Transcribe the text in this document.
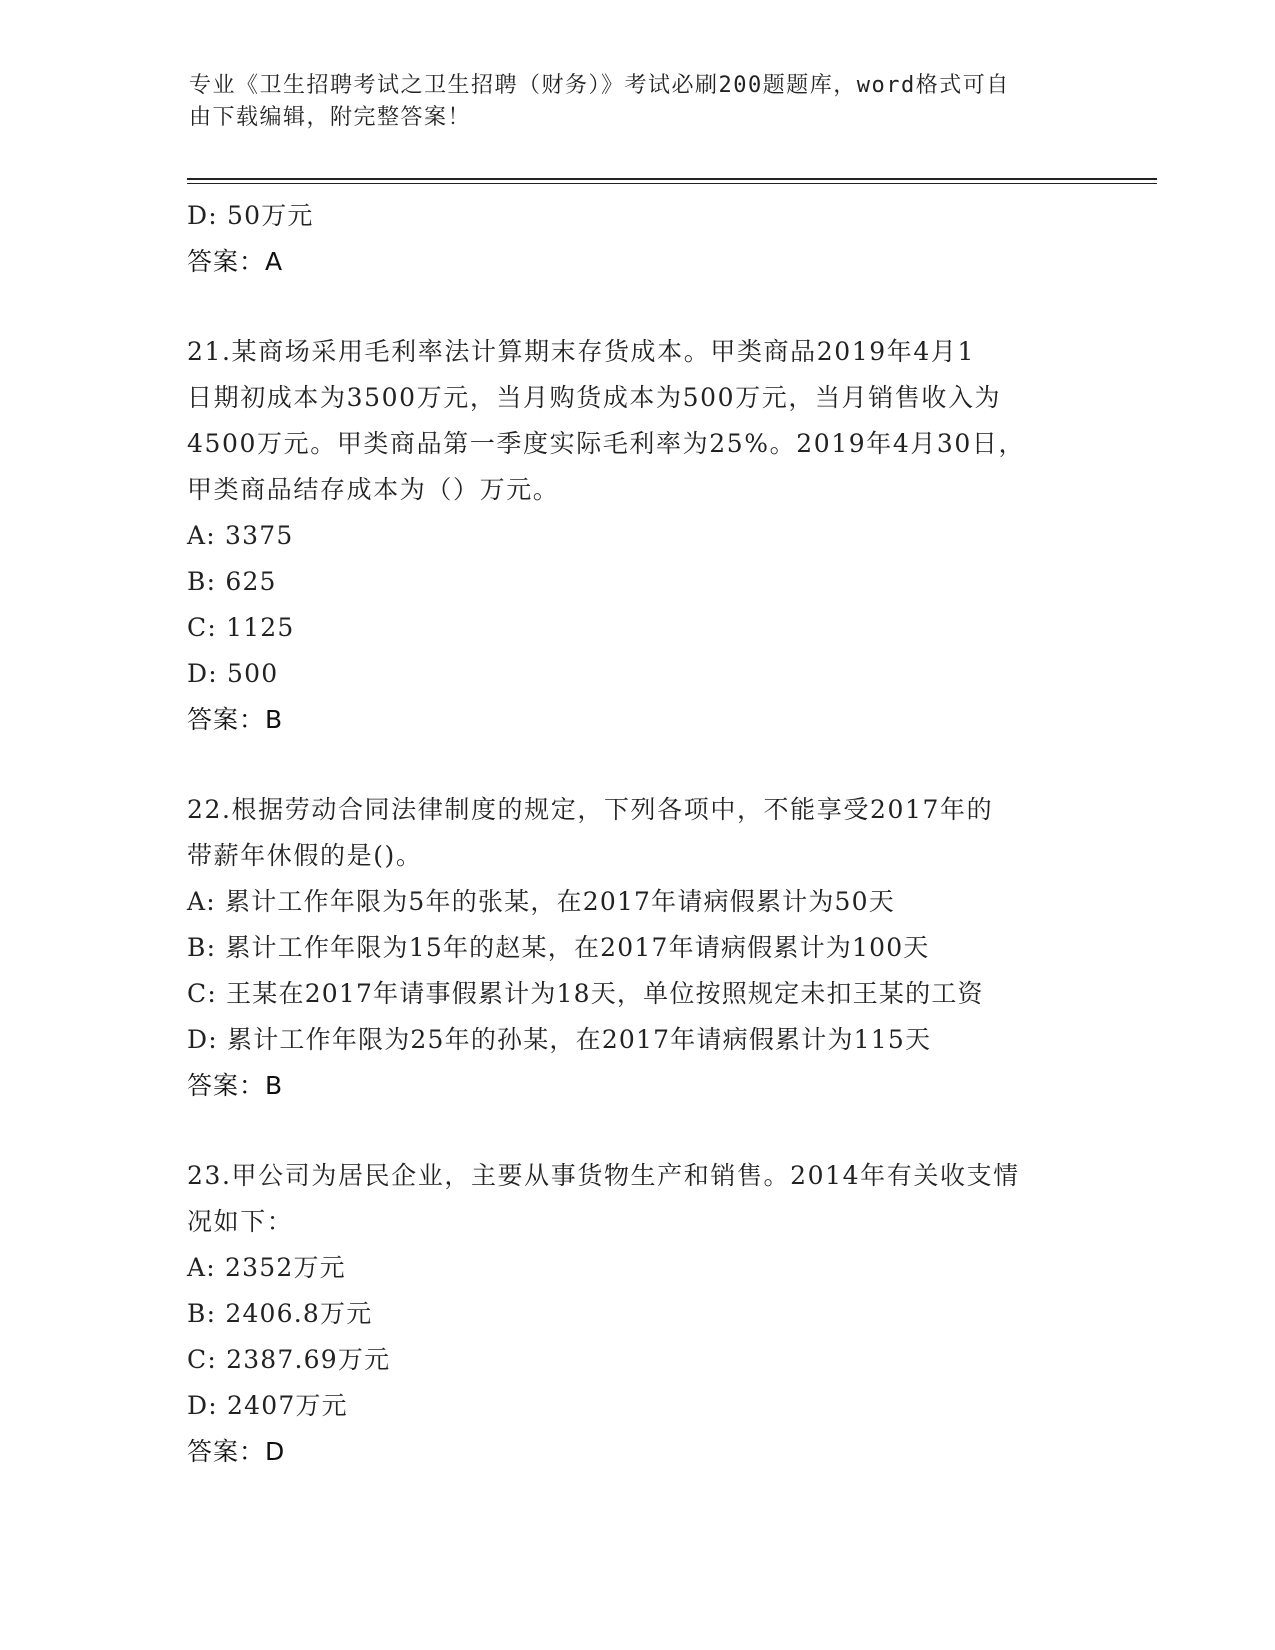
专业《卫生招聘考试之卫生招聘（财务）》考试必刷200题题库，word格式可自
由下载编辑，附完整答案！
D: 50万元
答案：A
21.某商场采用毛利率法计算期末存货成本。甲类商品2019年4月1
日期初成本为3500万元，当月购货成本为500万元，当月销售收入为
4500万元。甲类商品第一季度实际毛利率为25%。2019年4月30日，
甲类商品结存成本为（）万元。
A: 3375
B: 625
C: 1125
D: 500
答案：B
22.根据劳动合同法律制度的规定，下列各项中，不能享受2017年的
带薪年休假的是()。
A: 累计工作年限为5年的张某，在2017年请病假累计为50天
B: 累计工作年限为15年的赵某，在2017年请病假累计为100天
C: 王某在2017年请事假累计为18天，单位按照规定未扣王某的工资
D: 累计工作年限为25年的孙某，在2017年请病假累计为115天
答案：B
23.甲公司为居民企业，主要从事货物生产和销售。2014年有关收支情
况如下：
A: 2352万元
B: 2406.8万元
C: 2387.69万元
D: 2407万元
答案：D
